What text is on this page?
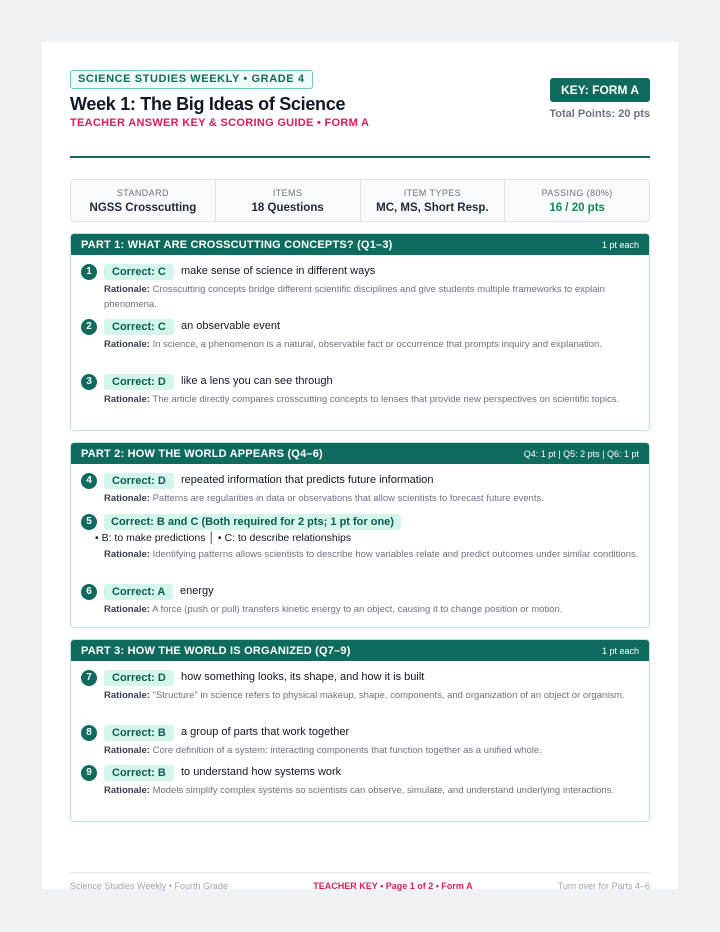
SCIENCE STUDIES WEEKLY • GRADE 4
Week 1: The Big Ideas of Science
TEACHER ANSWER KEY & SCORING GUIDE • FORM A
KEY: FORM A
Total Points: 20 pts
STANDARD
NGSS Crosscutting
ITEMS
18 Questions
ITEM TYPES
MC, MS, Short Resp.
PASSING (80%)
16 / 20 pts
PART 1: WHAT ARE CROSSCUTTING CONCEPTS? (Q1–3)	1 pt each
1	Correct: C	make sense of science in different ways
Rationale: Crosscutting concepts bridge different scientific disciplines and give students multiple frameworks to explain phenomena.
2	Correct: C	an observable event
Rationale: In science, a phenomenon is a natural, observable fact or occurrence that prompts inquiry and explanation.
3	Correct: D	like a lens you can see through
Rationale: The article directly compares crosscutting concepts to lenses that provide new perspectives on scientific topics.
PART 2: HOW THE WORLD APPEARS (Q4–6)	Q4: 1 pt | Q5: 2 pts | Q6: 1 pt
4	Correct: D	repeated information that predicts future information
Rationale: Patterns are regularities in data or observations that allow scientists to forecast future events.
5	Correct: B and C (Both required for 2 pts; 1 pt for one)
• B: to make predictions │ • C: to describe relationships
Rationale: Identifying patterns allows scientists to describe how variables relate and predict outcomes under similar conditions.
6	Correct: A	energy
Rationale: A force (push or pull) transfers kinetic energy to an object, causing it to change position or motion.
PART 3: HOW THE WORLD IS ORGANIZED (Q7–9)	1 pt each
7	Correct: D	how something looks, its shape, and how it is built
Rationale: "Structure" in science refers to physical makeup, shape, components, and organization of an object or organism.
8	Correct: B	a group of parts that work together
Rationale: Core definition of a system: interacting components that function together as a unified whole.
9	Correct: B	to understand how systems work
Rationale: Models simplify complex systems so scientists can observe, simulate, and understand underlying interactions.
Science Studies Weekly • Fourth Grade	TEACHER KEY • Page 1 of 2 • Form A	Turn over for Parts 4–6
